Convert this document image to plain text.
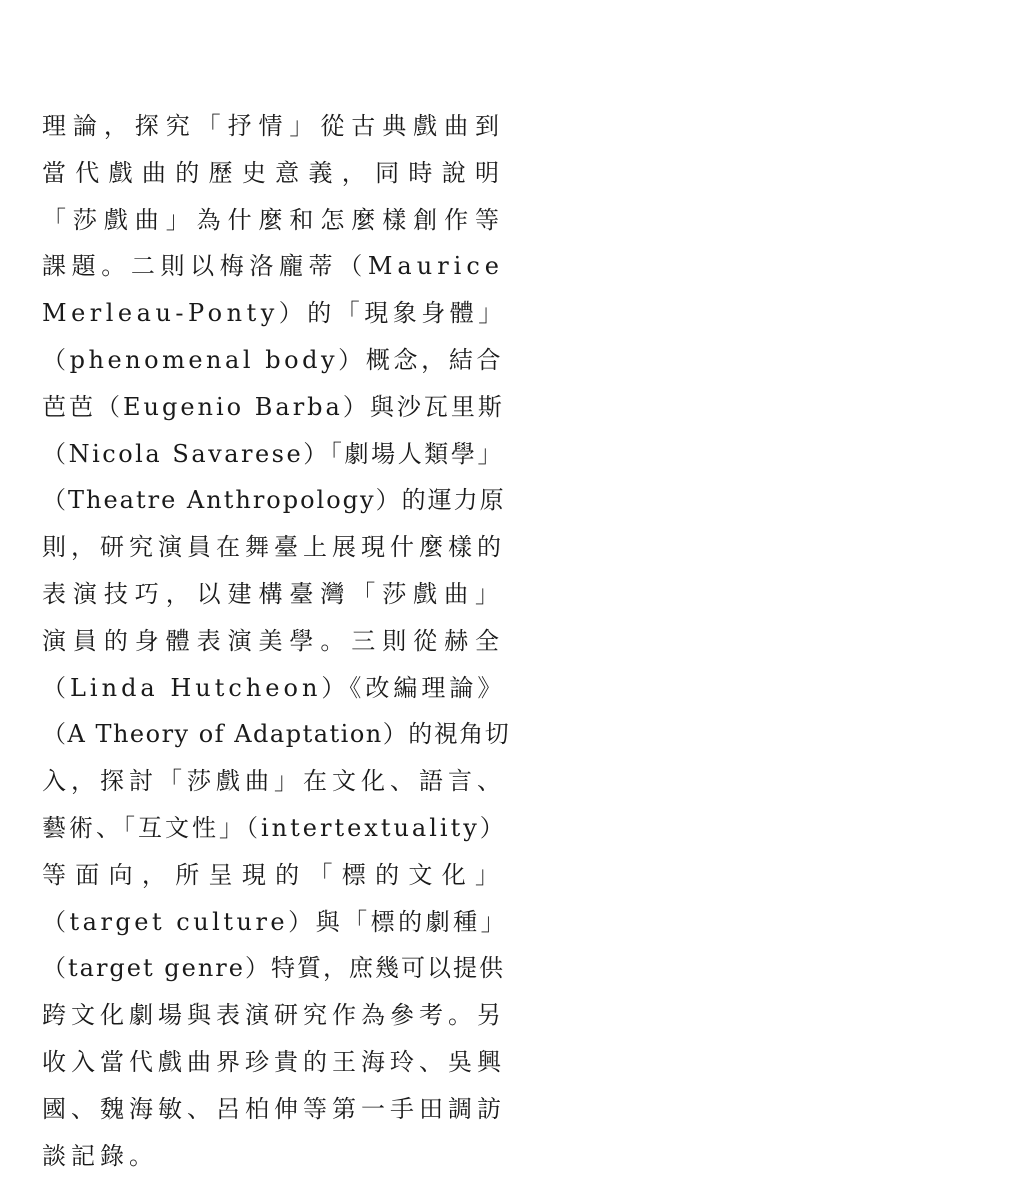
理論，探究「抒情」從古典戲曲到
當代戲曲的歷史意義，同時說明
「莎戲曲」為什麼和怎麼樣創作等
課題。二則以梅洛龐蒂（Maurice
Merleau-Ponty）的「現象身體」
（phenomenal body）概念，結合
芭芭（Eugenio Barba）與沙瓦里斯
（Nicola Savarese）「劇場人類學」
（Theatre Anthropology）的運力原
則，研究演員在舞臺上展現什麼樣的
表演技巧，以建構臺灣「莎戲曲」
演員的身體表演美學。三則從赫全
（Linda Hutcheon）《改編理論》
（A Theory of Adaptation）的視角切
入，探討「莎戲曲」在文化、語言、
藝術、「互文性」（intertextuality）
等面向，所呈現的「標的文化」
（target culture）與「標的劇種」
（target genre）特質，庶幾可以提供
跨文化劇場與表演研究作為參考。另
收入當代戲曲界珍貴的王海玲、吳興
國、魏海敏、呂柏伸等第一手田調訪
談記錄。
